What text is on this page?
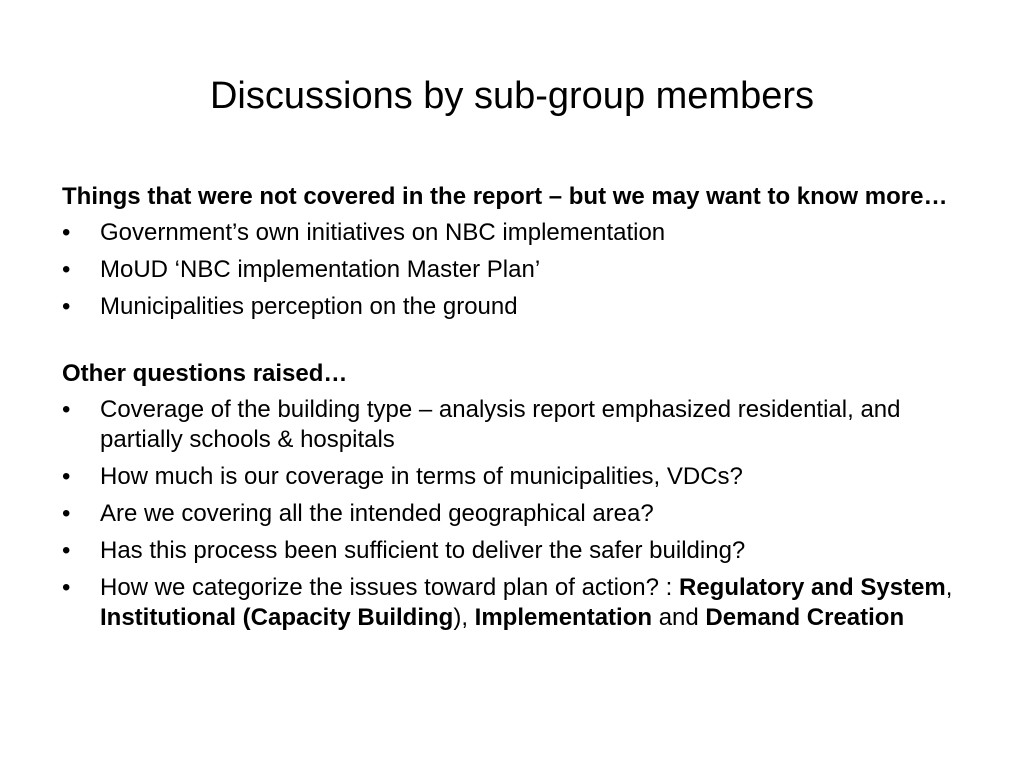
Discussions by sub-group members
Things that were not covered in the report – but we may want to know more…
• Government’s own initiatives on NBC implementation
• MoUD ‘NBC implementation Master Plan’
• Municipalities perception on the ground
Other questions raised…
• Coverage of the building type – analysis report emphasized residential, and partially schools & hospitals
• How much is our coverage in terms of municipalities, VDCs?
• Are we covering all the intended geographical area?
• Has this process been sufficient to deliver the safer building?
• How we categorize the issues toward plan of action? : Regulatory and System, Institutional (Capacity Building), Implementation and Demand Creation
